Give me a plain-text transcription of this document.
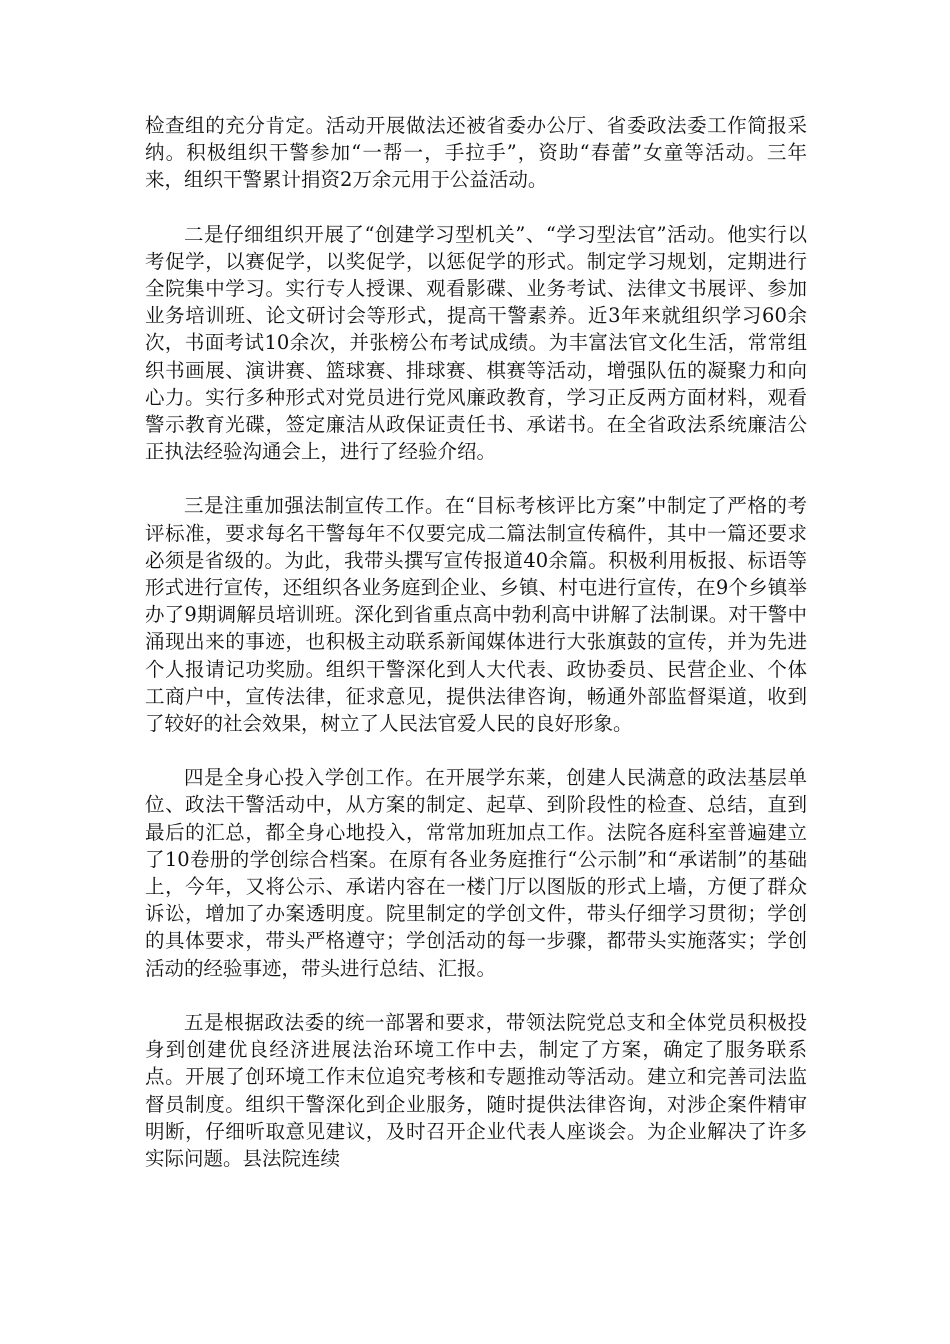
检查组的充分肯定。活动开展做法还被省委办公厅、省委政法委工作简报采纳。积极组织干警参加“一帮一，手拉手”，资助“春蕾”女童等活动。三年来，组织干警累计捐资2万余元用于公益活动。

二是仔细组织开展了“创建学习型机关”、“学习型法官”活动。他实行以考促学，以赛促学，以奖促学，以惩促学的形式。制定学习规划，定期进行全院集中学习。实行专人授课、观看影碟、业务考试、法律文书展评、参加业务培训班、论文研讨会等形式，提高干警素养。近3年来就组织学习60余次，书面考试10余次，并张榜公布考试成绩。为丰富法官文化生活，常常组织书画展、演讲赛、篮球赛、排球赛、棋赛等活动，增强队伍的凝聚力和向心力。实行多种形式对党员进行党风廉政教育，学习正反两方面材料，观看警示教育光碟，签定廉洁从政保证责任书、承诺书。在全省政法系统廉洁公正执法经验沟通会上，进行了经验介绍。

三是注重加强法制宣传工作。在“目标考核评比方案”中制定了严格的考评标准，要求每名干警每年不仅要完成二篇法制宣传稿件，其中一篇还要求必须是省级的。为此，我带头撰写宣传报道40余篇。积极利用板报、标语等形式进行宣传，还组织各业务庭到企业、乡镇、村屯进行宣传，在9个乡镇举办了9期调解员培训班。深化到省重点高中勃利高中讲解了法制课。对干警中涌现出来的事迹，也积极主动联系新闻媒体进行大张旗鼓的宣传，并为先进个人报请记功奖励。组织干警深化到人大代表、政协委员、民营企业、个体工商户中，宣传法律，征求意见，提供法律咨询，畅通外部监督渠道，收到了较好的社会效果，树立了人民法官爱人民的良好形象。

四是全身心投入学创工作。在开展学东莱，创建人民满意的政法基层单位、政法干警活动中，从方案的制定、起草、到阶段性的检查、总结，直到最后的汇总，都全身心地投入，常常加班加点工作。法院各庭科室普遍建立了10卷册的学创综合档案。在原有各业务庭推行“公示制”和“承诺制”的基础上，今年，又将公示、承诺内容在一楼门厅以图版的形式上墙，方便了群众诉讼，增加了办案透明度。院里制定的学创文件，带头仔细学习贯彻；学创的具体要求，带头严格遵守；学创活动的每一步骤，都带头实施落实；学创活动的经验事迹，带头进行总结、汇报。

五是根据政法委的统一部署和要求，带领法院党总支和全体党员积极投身到创建优良经济进展法治环境工作中去，制定了方案，确定了服务联系点。开展了创环境工作末位追究考核和专题推动等活动。建立和完善司法监督员制度。组织干警深化到企业服务，随时提供法律咨询，对涉企案件精审明断，仔细听取意见建议，及时召开企业代表人座谈会。为企业解决了许多实际问题。县法院连续
